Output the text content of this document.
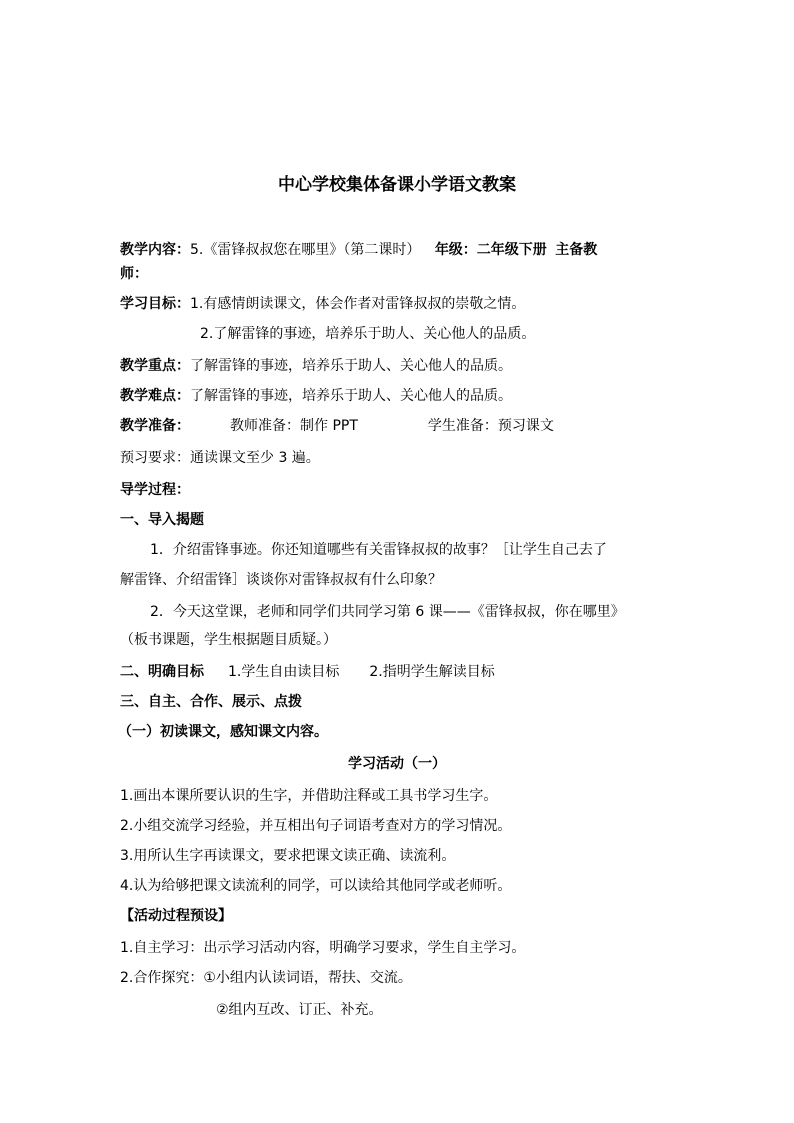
中心学校集体备课小学语文教案
教学内容：5.《雷锋叔叔您在哪里》（第二课时） 年级：二年级下册 主备教
师：
学习目标：1.有感情朗读课文，体会作者对雷锋叔叔的崇敬之情。
2.了解雷锋的事迹，培养乐于助人、关心他人的品质。
教学重点：了解雷锋的事迹，培养乐于助人、关心他人的品质。
教学难点：了解雷锋的事迹，培养乐于助人、关心他人的品质。
教学准备：	教师准备：制作 PPT	学生准备：预习课文
预习要求：通读课文至少 3 遍。
导学过程：
一、导入揭题
1．介绍雷锋事迹。你还知道哪些有关雷锋叔叔的故事？［让学生自己去了
解雷锋、介绍雷锋］谈谈你对雷锋叔叔有什么印象？
2．今天这堂课，老师和同学们共同学习第 6 课——《雷锋叔叔，你在哪里》
（板书课题，学生根据题目质疑。）
二、明确目标 1.学生自由读目标 2.指明学生解读目标
三、自主、合作、展示、点拨
（一）初读课文，感知课文内容。
学习活动（一）
1.画出本课所要认识的生字，并借助注释或工具书学习生字。
2.小组交流学习经验，并互相出句子词语考查对方的学习情况。
3.用所认生字再读课文，要求把课文读正确、读流利。
4.认为给够把课文读流利的同学，可以读给其他同学或老师听。
【活动过程预设】
1.自主学习：出示学习活动内容，明确学习要求，学生自主学习。
2.合作探究：①小组内认读词语，帮扶、交流。
②组内互改、订正、补充。
